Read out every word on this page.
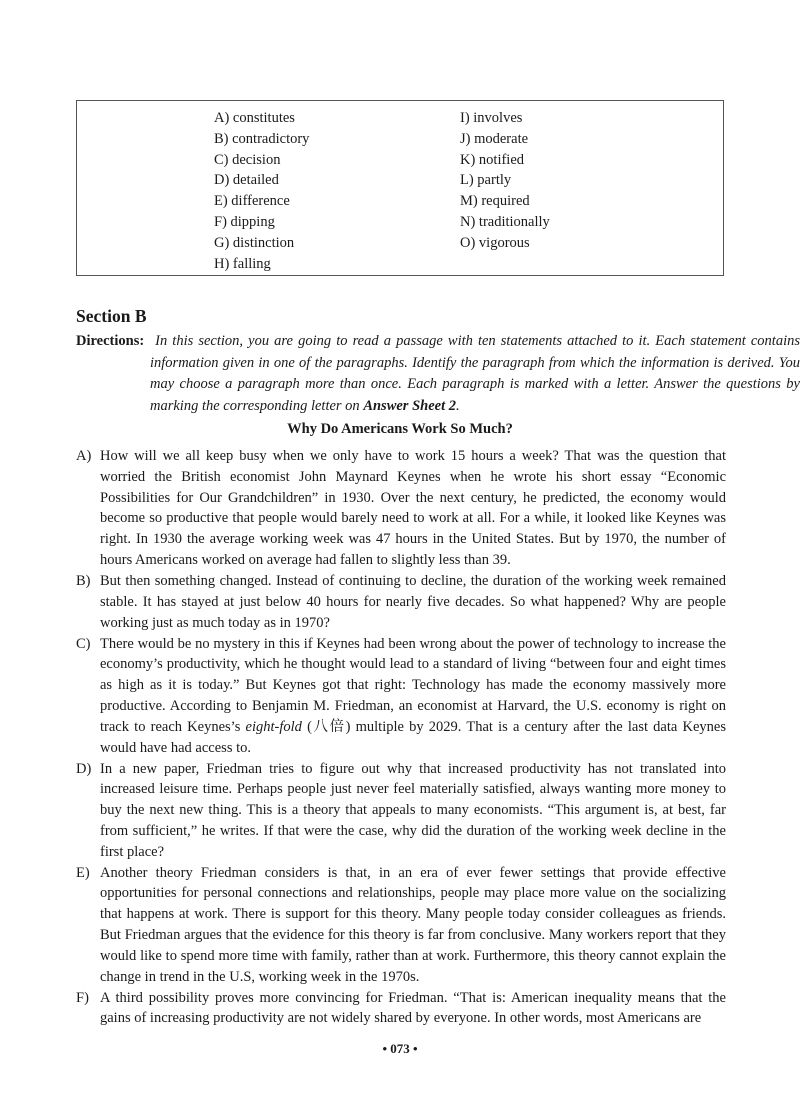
A) constitutes
B) contradictory
C) decision
D) detailed
E) difference
F) dipping
G) distinction
H) falling
I) involves
J) moderate
K) notified
L) partly
M) required
N) traditionally
O) vigorous
Section B
Directions: In this section, you are going to read a passage with ten statements attached to it. Each statement contains information given in one of the paragraphs. Identify the paragraph from which the information is derived. You may choose a paragraph more than once. Each paragraph is marked with a letter. Answer the questions by marking the corresponding letter on Answer Sheet 2.
Why Do Americans Work So Much?
A) How will we all keep busy when we only have to work 15 hours a week? That was the question that worried the British economist John Maynard Keynes when he wrote his short essay “Economic Possibilities for Our Grandchildren” in 1930. Over the next century, he predicted, the economy would become so productive that people would barely need to work at all. For a while, it looked like Keynes was right. In 1930 the average working week was 47 hours in the United States. But by 1970, the number of hours Americans worked on average had fallen to slightly less than 39.
B) But then something changed. Instead of continuing to decline, the duration of the working week remained stable. It has stayed at just below 40 hours for nearly five decades. So what happened? Why are people working just as much today as in 1970?
C) There would be no mystery in this if Keynes had been wrong about the power of technology to increase the economy’s productivity, which he thought would lead to a standard of living “between four and eight times as high as it is today.” But Keynes got that right: Technology has made the economy massively more productive. According to Benjamin M. Friedman, an economist at Harvard, the U.S. economy is right on track to reach Keynes’s eight-fold (八倍) multiple by 2029. That is a century after the last data Keynes would have had access to.
D) In a new paper, Friedman tries to figure out why that increased productivity has not translated into increased leisure time. Perhaps people just never feel materially satisfied, always wanting more money to buy the next new thing. This is a theory that appeals to many economists. “This argument is, at best, far from sufficient,” he writes. If that were the case, why did the duration of the working week decline in the first place?
E) Another theory Friedman considers is that, in an era of ever fewer settings that provide effective opportunities for personal connections and relationships, people may place more value on the socializing that happens at work. There is support for this theory. Many people today consider colleagues as friends. But Friedman argues that the evidence for this theory is far from conclusive. Many workers report that they would like to spend more time with family, rather than at work. Furthermore, this theory cannot explain the change in trend in the U.S, working week in the 1970s.
F) A third possibility proves more convincing for Friedman. “That is: American inequality means that the gains of increasing productivity are not widely shared by everyone. In other words, most Americans are
• 073 •
